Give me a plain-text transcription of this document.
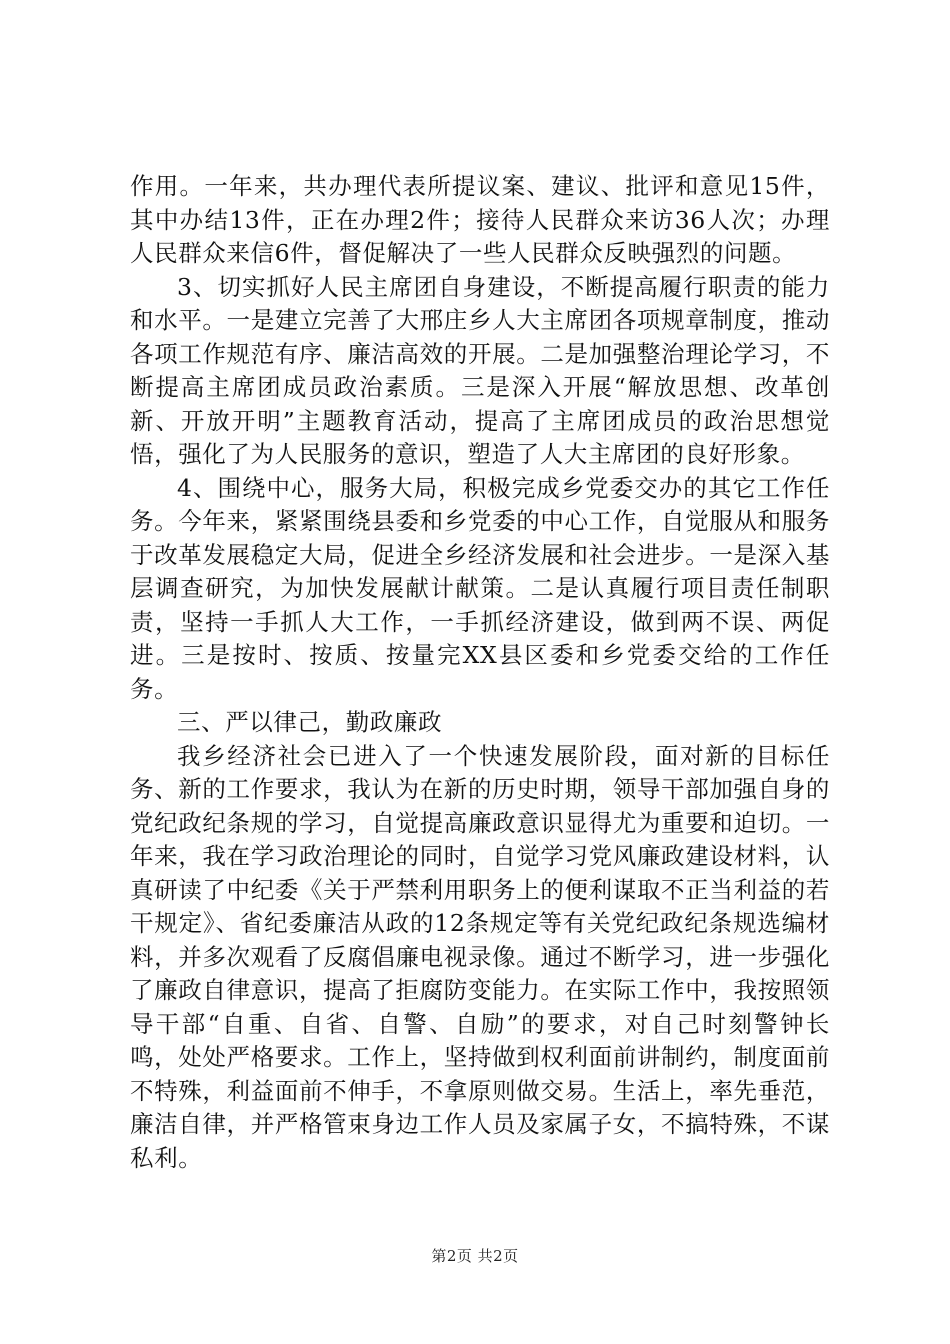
作用。一年来，共办理代表所提议案、建议、批评和意见15件，其中办结13件，正在办理2件；接待人民群众来访36人次；办理人民群众来信6件，督促解决了一些人民群众反映强烈的问题。

3、切实抓好人民主席团自身建设，不断提高履行职责的能力和水平。一是建立完善了大邢庄乡人大主席团各项规章制度，推动各项工作规范有序、廉洁高效的开展。二是加强整治理论学习，不断提高主席团成员政治素质。三是深入开展“解放思想、改革创新、开放开明”主题教育活动，提高了主席团成员的政治思想觉悟，强化了为人民服务的意识，塑造了人大主席团的良好形象。

4、围绕中心，服务大局，积极完成乡党委交办的其它工作任务。今年来，紧紧围绕县委和乡党委的中心工作，自觉服从和服务于改革发展稳定大局，促进全乡经济发展和社会进步。一是深入基层调查研究，为加快发展献计献策。二是认真履行项目责任制职责，坚持一手抓人大工作，一手抓经济建设，做到两不误、两促进。三是按时、按质、按量完XX县区委和乡党委交给的工作任务。

三、严以律己，勤政廉政

我乡经济社会已进入了一个快速发展阶段，面对新的目标任务、新的工作要求，我认为在新的历史时期，领导干部加强自身的党纪政纪条规的学习，自觉提高廉政意识显得尤为重要和迫切。一年来，我在学习政治理论的同时，自觉学习党风廉政建设材料，认真研读了中纪委《关于严禁利用职务上的便利谋取不正当利益的若干规定》、省纪委廉洁从政的12条规定等有关党纪政纪条规选编材料，并多次观看了反腐倡廉电视录像。通过不断学习，进一步强化了廉政自律意识，提高了拒腐防变能力。在实际工作中，我按照领导干部“自重、自省、自警、自励”的要求，对自己时刻警钟长鸣，处处严格要求。工作上，坚持做到权利面前讲制约，制度面前不特殊，利益面前不伸手，不拿原则做交易。生活上，率先垂范，廉洁自律，并严格管束身边工作人员及家属子女，不搞特殊，不谋私利。

第2页 共2页
